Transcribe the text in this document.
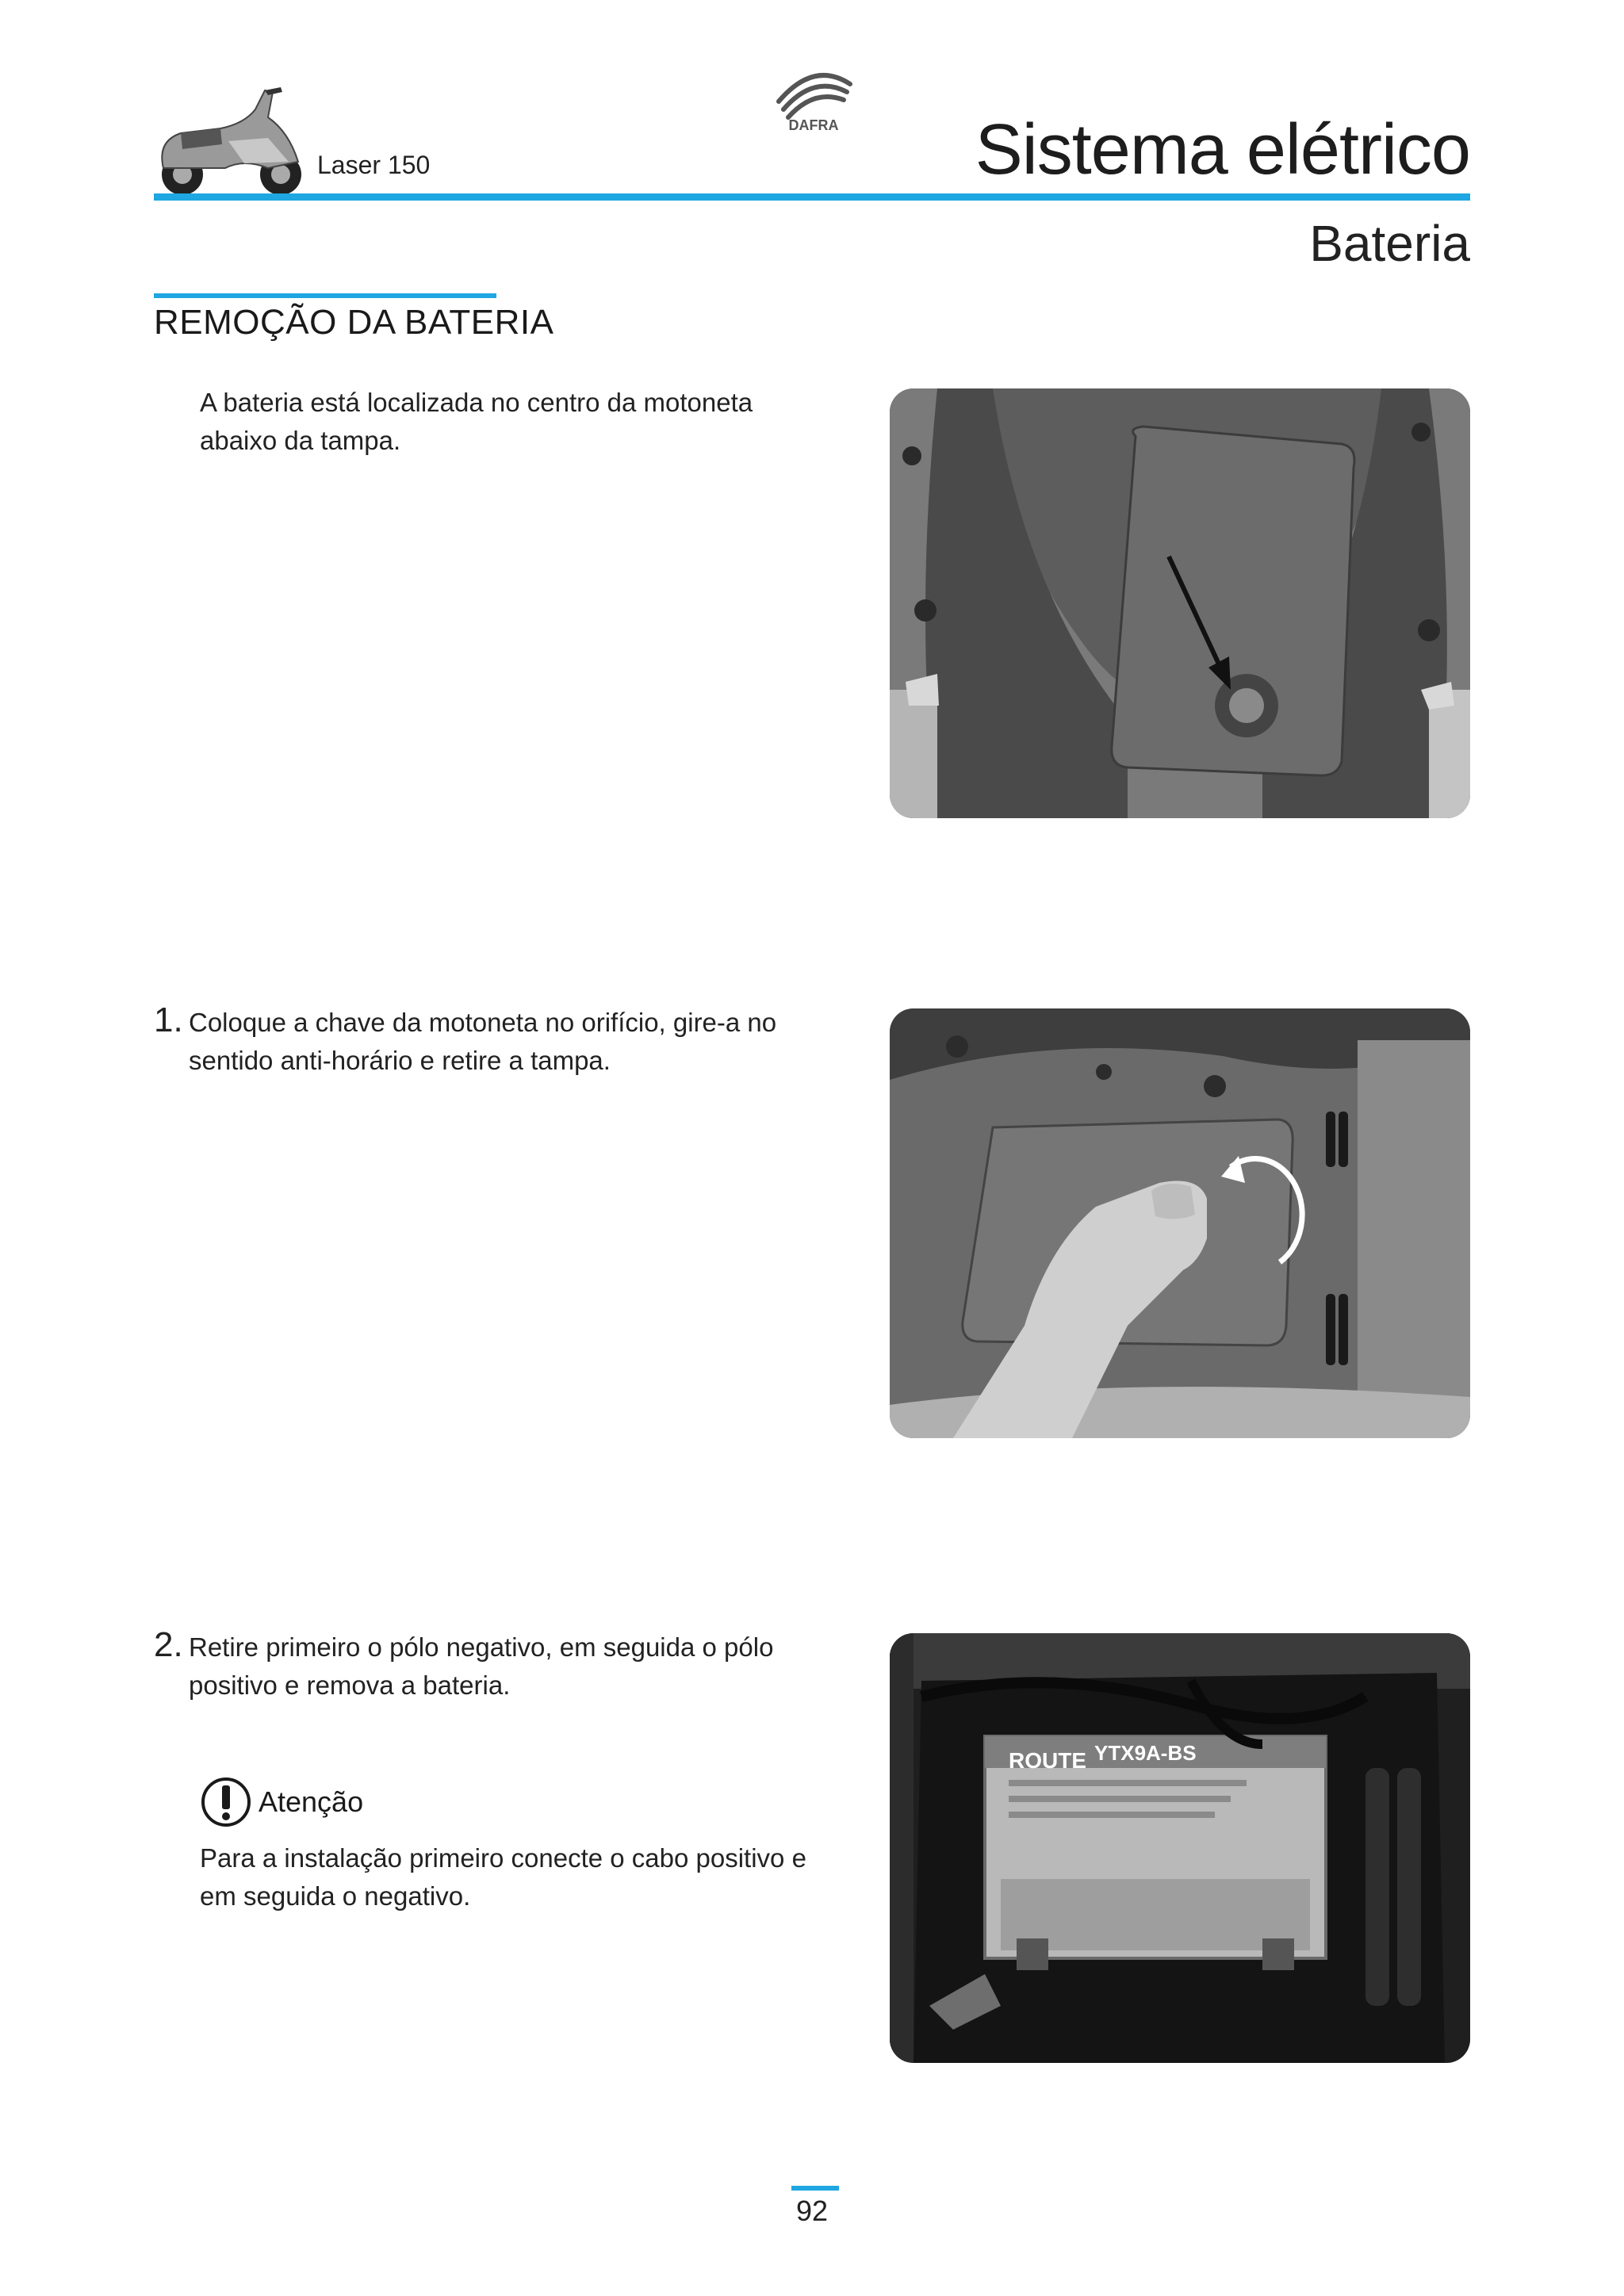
Laser 150
DAFRA Sistema elétrico
Bateria
REMOÇÃO DA BATERIA
A bateria está localizada no centro da motoneta abaixo da tampa.
1. Coloque a chave da motoneta no orifício, gire-a no sentido anti-horário e retire a tampa.
2. Retire primeiro o pólo negativo, em seguida o pólo positivo e remova a bateria.
Atenção
Para a instalação primeiro conecte o cabo positivo e em seguida o negativo.
ROUTE YTX9A-BS
92
